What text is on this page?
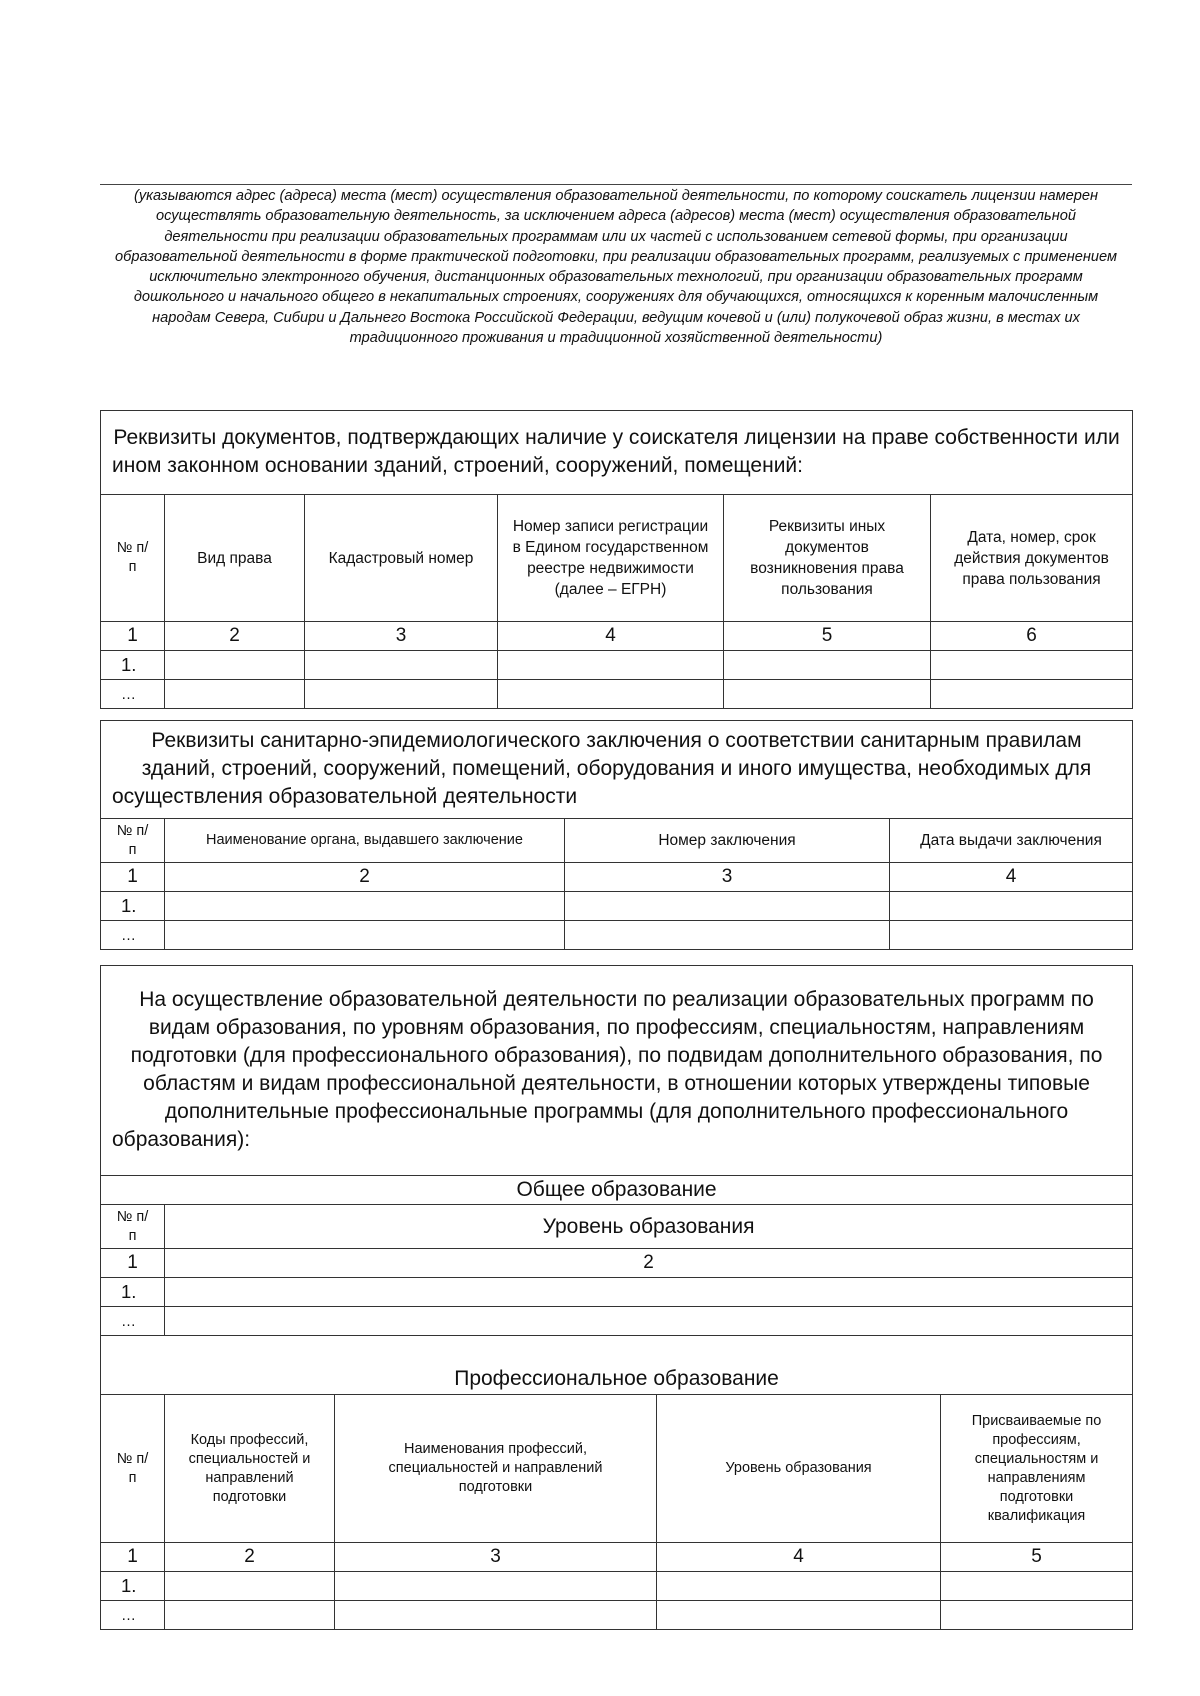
(указываются адрес (адреса) места (мест) осуществления образовательной деятельности, по которому соискатель лицензии намерен осуществлять образовательную деятельность, за исключением адреса (адресов) места (мест) осуществления образовательной деятельности при реализации образовательных программам или их частей с использованием сетевой формы, при организации образовательной деятельности в форме практической подготовки, при реализации образовательных программ, реализуемых с применением исключительно электронного обучения, дистанционных образовательных технологий, при организации образовательных программ дошкольного и начального общего в некапитальных строениях, сооружениях для обучающихся, относящихся к коренным малочисленным народам Севера, Сибири и Дальнего Востока Российской Федерации, ведущим кочевой и (или) полукочевой образ жизни, в местах их традиционного проживания и традиционной хозяйственной деятельности)
Реквизиты документов, подтверждающих наличие у соискателя лицензии на праве собственности или ином законном основании зданий, строений, сооружений, помещений:					
№ п/п	Вид права	Кадастровый номер	Номер записи регистрации в Едином государственном реестре недвижимости (далее – ЕГРН)	Реквизиты иных документов возникновения права пользования	Дата, номер, срок действия документов права пользования
1	2	3	4	5	6
1.					
…					
Реквизиты санитарно-эпидемиологического заключения о соответствии санитарным правилам зданий, строений, сооружений, помещений, оборудования и иного имущества, необходимых для осуществления образовательной деятельности			
№ п/п	Наименование органа, выдавшего заключение	Номер заключения	Дата выдачи заключения
1	2	3	4
1.			
…			
На осуществление образовательной деятельности по реализации образовательных программ по видам образования, по уровням образования, по профессиям, специальностям, направлениям подготовки (для профессионального образования), по подвидам дополнительного образования, по областям и видам профессиональной деятельности, в отношении которых утверждены типовые дополнительные профессиональные программы (для дополнительного профессионального образования):				
Общее образование				
№ п/п	Уровень образования			
1	2			
1.				
…				

Профессиональное образование				
№ п/п	Коды профессий, специальностей и направлений подготовки	Наименования профессий, специальностей и направлений подготовки	Уровень образования	Присваиваемые по профессиям, специальностям и направлениям подготовки квалификация
1	2	3	4	5
1.				
…				
